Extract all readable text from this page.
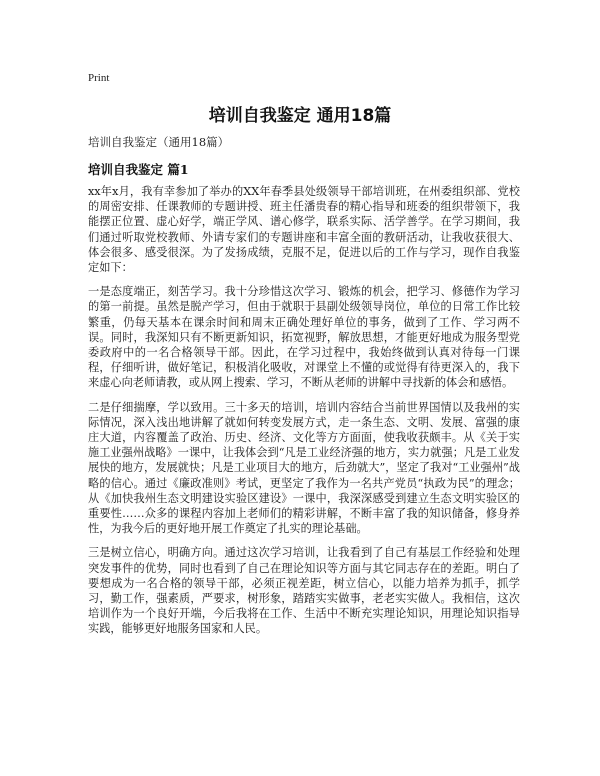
Print
培训自我鉴定 通用18篇
培训自我鉴定（通用18篇）
培训自我鉴定 篇1

xx年x月，我有幸参加了举办的XX年春季县处级领导干部培训班，在州委组织部、党校的周密安排、任课教师的专题讲授、班主任潘贵春的精心指导和班委的组织带领下，我能摆正位置、虚心好学，端正学风、谱心修学，联系实际、活学善学。在学习期间，我们通过听取党校教师、外请专家们的专题讲座和丰富全面的教研活动，让我收获很大、体会很多、感受很深。为了发扬成绩，克服不足，促进以后的工作与学习，现作自我鉴定如下：

一是态度端正，刻苦学习。我十分珍惜这次学习、锻炼的机会，把学习、修德作为学习的第一前提。虽然是脱产学习，但由于就职于县副处级领导岗位，单位的日常工作比较繁重，仍每天基本在课余时间和周末正确处理好单位的事务，做到了工作、学习两不误。同时，我深知只有不断更新知识，拓宽视野，解放思想，才能更好地成为服务型党委政府中的一名合格领导干部。因此，在学习过程中，我始终做到认真对待每一门课程，仔细听讲，做好笔记，积极消化吸收，对课堂上不懂的或觉得有待更深入的，我下来虚心向老师请教，或从网上搜索、学习，不断从老师的讲解中寻找新的体会和感悟。

二是仔细揣摩，学以致用。三十多天的培训，培训内容结合当前世界国情以及我州的实际情况，深入浅出地讲解了就如何转变发展方式，走一条生态、文明、发展、富强的康庄大道，内容覆盖了政治、历史、经济、文化等方方面面，使我收获颇丰。从《关于实施工业强州战略》一课中，让我体会到“凡是工业经济强的地方，实力就强；凡是工业发展快的地方，发展就快；凡是工业项目大的地方，后劲就大”，坚定了我对“工业强州”战略的信心。通过《廉政准则》考试，更坚定了我作为一名共产党员“执政为民”的理念；从《加快我州生态文明建设实验区建设》一课中，我深深感受到建立生态文明实验区的重要性……众多的课程内容加上老师们的精彩讲解，不断丰富了我的知识储备，修身养性，为我今后的更好地开展工作奠定了扎实的理论基础。

三是树立信心，明确方向。通过这次学习培训，让我看到了自己有基层工作经验和处理突发事件的优势，同时也看到了自己在理论知识等方面与其它同志存在的差距。明白了要想成为一名合格的领导干部，必须正视差距，树立信心，以能力培养为抓手，抓学习，勤工作，强素质，严要求，树形象，踏踏实实做事，老老实实做人。我相信，这次培训作为一个良好开端，今后我将在工作、生活中不断充实理论知识，用理论知识指导实践，能够更好地服务国家和人民。
